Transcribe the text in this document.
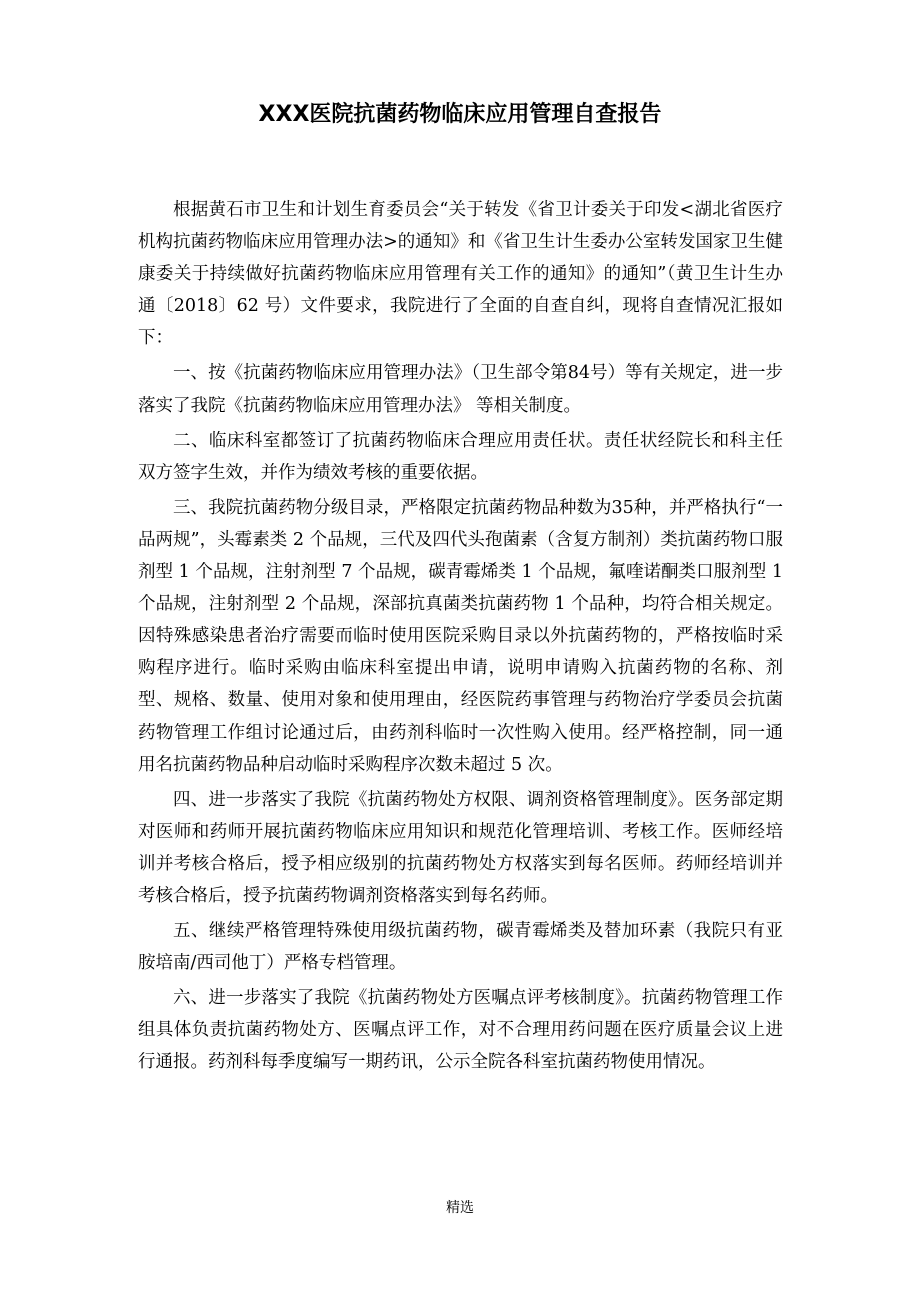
XXX医院抗菌药物临床应用管理自查报告

根据黄石市卫生和计划生育委员会“关于转发《省卫计委关于印发<湖北省医疗机构抗菌药物临床应用管理办法>的通知》和《省卫生计生委办公室转发国家卫生健康委关于持续做好抗菌药物临床应用管理有关工作的通知》的通知”（黄卫生计生办通〔2018〕62 号）文件要求，我院进行了全面的自查自纠，现将自查情况汇报如下：

一、按《抗菌药物临床应用管理办法》（卫生部令第84号）等有关规定，进一步落实了我院《抗菌药物临床应用管理办法》 等相关制度。

二、临床科室都签订了抗菌药物临床合理应用责任状。责任状经院长和科主任双方签字生效，并作为绩效考核的重要依据。

三、我院抗菌药物分级目录，严格限定抗菌药物品种数为35种，并严格执行“一品两规”，头霉素类 2 个品规，三代及四代头孢菌素（含复方制剂）类抗菌药物口服剂型 1 个品规，注射剂型 7 个品规，碳青霉烯类 1 个品规，氟喹诺酮类口服剂型 1 个品规，注射剂型 2 个品规，深部抗真菌类抗菌药物 1 个品种，均符合相关规定。因特殊感染患者治疗需要而临时使用医院采购目录以外抗菌药物的，严格按临时采购程序进行。临时采购由临床科室提出申请，说明申请购入抗菌药物的名称、剂型、规格、数量、使用对象和使用理由，经医院药事管理与药物治疗学委员会抗菌药物管理工作组讨论通过后，由药剂科临时一次性购入使用。经严格控制，同一通用名抗菌药物品种启动临时采购程序次数未超过 5 次。

四、进一步落实了我院《抗菌药物处方权限、调剂资格管理制度》。医务部定期对医师和药师开展抗菌药物临床应用知识和规范化管理培训、考核工作。医师经培训并考核合格后，授予相应级别的抗菌药物处方权落实到每名医师。药师经培训并考核合格后，授予抗菌药物调剂资格落实到每名药师。

五、继续严格管理特殊使用级抗菌药物，碳青霉烯类及替加环素（我院只有亚胺培南/西司他丁）严格专档管理。

六、进一步落实了我院《抗菌药物处方医嘱点评考核制度》。抗菌药物管理工作组具体负责抗菌药物处方、医嘱点评工作，对不合理用药问题在医疗质量会议上进行通报。药剂科每季度编写一期药讯，公示全院各科室抗菌药物使用情况。

精选
